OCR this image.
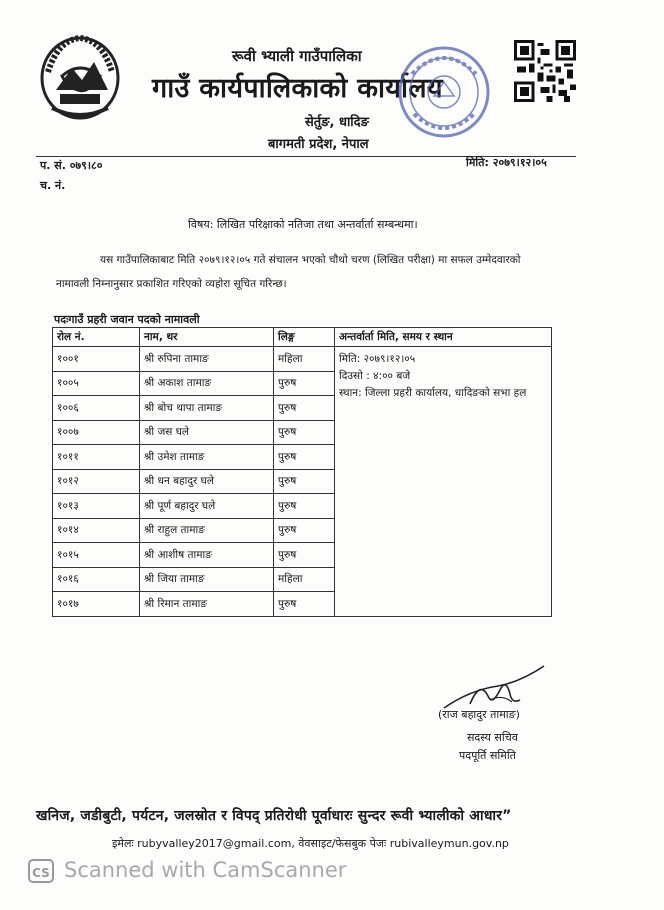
रूवी भ्याली गाउँपालिका
गाउँ कार्यपालिकाको कार्यालय
सेर्तुङ, धादिङ
बागमती प्रदेश, नेपाल
प. सं. ०७९।८०
च. नं.
मिति: २०७९।१२।०५
विषय: लिखित परिक्षाको नतिजा तथा अन्तर्वार्ता सम्बन्धमा।
यस गाउँपालिकाबाट मिति २०७९।१२।०५ गते संचालन भएको चौथो चरण (लिखित परीक्षा) मा सफल उम्मेदवारको
नामावली निम्नानुसार प्रकाशित गरिएको व्यहोरा सूचित गरिन्छ।
पदःगाउँ प्रहरी जवान पदको नामावली
रोल नं.	नाम, थर	लिङ्ग	अन्तर्वार्ता मिति, समय र स्थान
१००१	श्री रुपिना तामाङ	महिला	मिति: २०७९।१२।०५
दिउसो : ४:०० बजे
स्थान: जिल्ला प्रहरी कार्यालय, धादिङको सभा हल

१००५	श्री अकाश तामाङ	पुरुष	
१००६	श्री बोच थापा तामाङ	पुरुष	
१००७	श्री जस घले	पुरुष	
१०११	श्री उमेश तामाङ	पुरुष	
१०१२	श्री धन बहादुर घले	पुरुष	
१०१३	श्री पूर्ण बहादुर घले	पुरुष	
१०१४	श्री राहुल तामाङ	पुरुष	
१०१५	श्री आशीष तामाङ	पुरुष	
१०१६	श्री जिया तामाङ	महिला	
१०१७	श्री रिमान तामाङ	पुरुष	
(राज बहादुर तामाङ)
सदस्य सचिव
पदपूर्ति समिति
खनिज, जडीबुटी, पर्यटन, जलस्रोत र विपद् प्रतिरोधी पूर्वाधारः सुन्दर रूवी भ्यालीको आधार”
इमेलः rubyvalley2017@gmail.com, वेवसाइट/फेसबुक पेजः rubivalleymun.gov.np
CS Scanned with CamScanner
